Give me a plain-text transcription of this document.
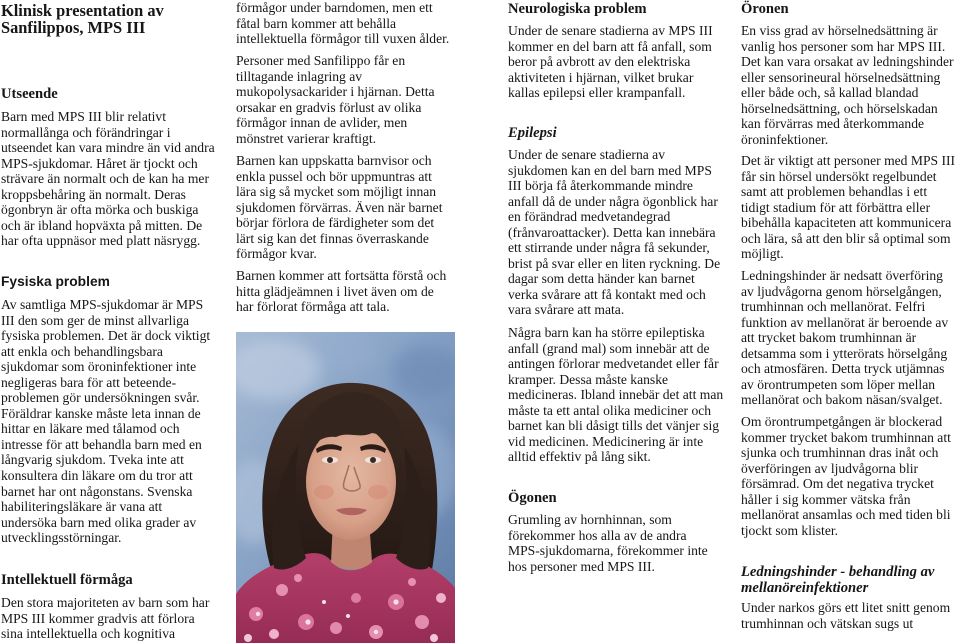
Klinisk presentation av
Sanfilippos, MPS III
Utseende
Barn med MPS III blir relativt
normallånga och förändringar i
utseendet kan vara mindre än vid andra
MPS-sjukdomar. Håret är tjockt och
strävare än normalt och de kan ha mer
kroppsbehåring än normalt. Deras
ögonbryn är ofta mörka och buskiga
och är ibland hopväxta på mitten. De
har ofta uppnäsor med platt näsrygg.
Fysiska problem
Av samtliga MPS-sjukdomar är MPS
III den som ger de minst allvarliga
fysiska problemen. Det är dock viktigt
att enkla och behandlingsbara
sjukdomar som öroninfektioner inte
negligeras bara för att beteende-
problemen gör undersökningen svår.
Föräldrar kanske måste leta innan de
hittar en läkare med tålamod och
intresse för att behandla barn med en
långvarig sjukdom. Tveka inte att
konsultera din läkare om du tror att
barnet har ont någonstans. Svenska
habiliteringsläkare är vana att
undersöka barn med olika grader av
utvecklingsstörningar.
Intellektuell förmåga
Den stora majoriteten av barn som har
MPS III kommer gradvis att förlora
sina intellektuella och kognitiva
förmågor under barndomen, men ett
fåtal barn kommer att behålla
intellektuella förmågor till vuxen ålder.
Personer med Sanfilippo får en
tilltagande inlagring av
mukopolysackarider i hjärnan. Detta
orsakar en gradvis förlust av olika
förmågor innan de avlider, men
mönstret varierar kraftigt.
Barnen kan uppskatta barnvisor och
enkla pussel och bör uppmuntras att
lära sig så mycket som möjligt innan
sjukdomen förvärras. Även när barnet
börjar förlora de färdigheter som det
lärt sig kan det finnas överraskande
förmågor kvar.
Barnen kommer att fortsätta förstå och
hitta glädjeämnen i livet även om de
har förlorat förmåga att tala.
Neurologiska problem
Under de senare stadierna av MPS III
kommer en del barn att få anfall, som
beror på avbrott av den elektriska
aktiviteten i hjärnan, vilket brukar
kallas epilepsi eller krampanfall.
Epilepsi
Under de senare stadierna av
sjukdomen kan en del barn med MPS
III börja få återkommande mindre
anfall då de under några ögonblick har
en förändrad medvetandegrad
(frånvaroattacker). Detta kan innebära
ett stirrande under några få sekunder,
brist på svar eller en liten ryckning. De
dagar som detta händer kan barnet
verka svårare att få kontakt med och
vara svårare att mata.
Några barn kan ha större epileptiska
anfall (grand mal) som innebär att de
antingen förlorar medvetandet eller får
kramper. Dessa måste kanske
medicineras. Ibland innebär det att man
måste ta ett antal olika mediciner och
barnet kan bli dåsigt tills det vänjer sig
vid medicinen. Medicinering är inte
alltid effektiv på lång sikt.
Ögonen
Grumling av hornhinnan, som
förekommer hos alla av de andra
MPS-sjukdomarna, förekommer inte
hos personer med MPS III.
Öronen
En viss grad av hörselnedsättning är
vanlig hos personer som har MPS III.
Det kan vara orsakat av ledningshinder
eller sensorineural hörselnedsättning
eller både och, så kallad blandad
hörselnedsättning, och hörselskadan
kan förvärras med återkommande
öroninfektioner.
Det är viktigt att personer med MPS III
får sin hörsel undersökt regelbundet
samt att problemen behandlas i ett
tidigt stadium för att förbättra eller
bibehålla kapaciteten att kommunicera
och lära, så att den blir så optimal som
möjligt.
Ledningshinder är nedsatt överföring
av ljudvågorna genom hörselgången,
trumhinnan och mellanörat. Felfri
funktion av mellanörat är beroende av
att trycket bakom trumhinnan är
detsamma som i ytterörats hörselgång
och atmosfären. Detta tryck utjämnas
av örontrumpeten som löper mellan
mellanörat och bakom näsan/svalget.
Om örontrumpetgången är blockerad
kommer trycket bakom trumhinnan att
sjunka och trumhinnan dras inåt och
överföringen av ljudvågorna blir
försämrad. Om det negativa trycket
håller i sig kommer vätska från
mellanörat ansamlas och med tiden bli
tjockt som klister.
Ledningshinder - behandling av
mellanöreinfektioner
Under narkos görs ett litet snitt genom
trumhinnan och vätskan sugs ut
